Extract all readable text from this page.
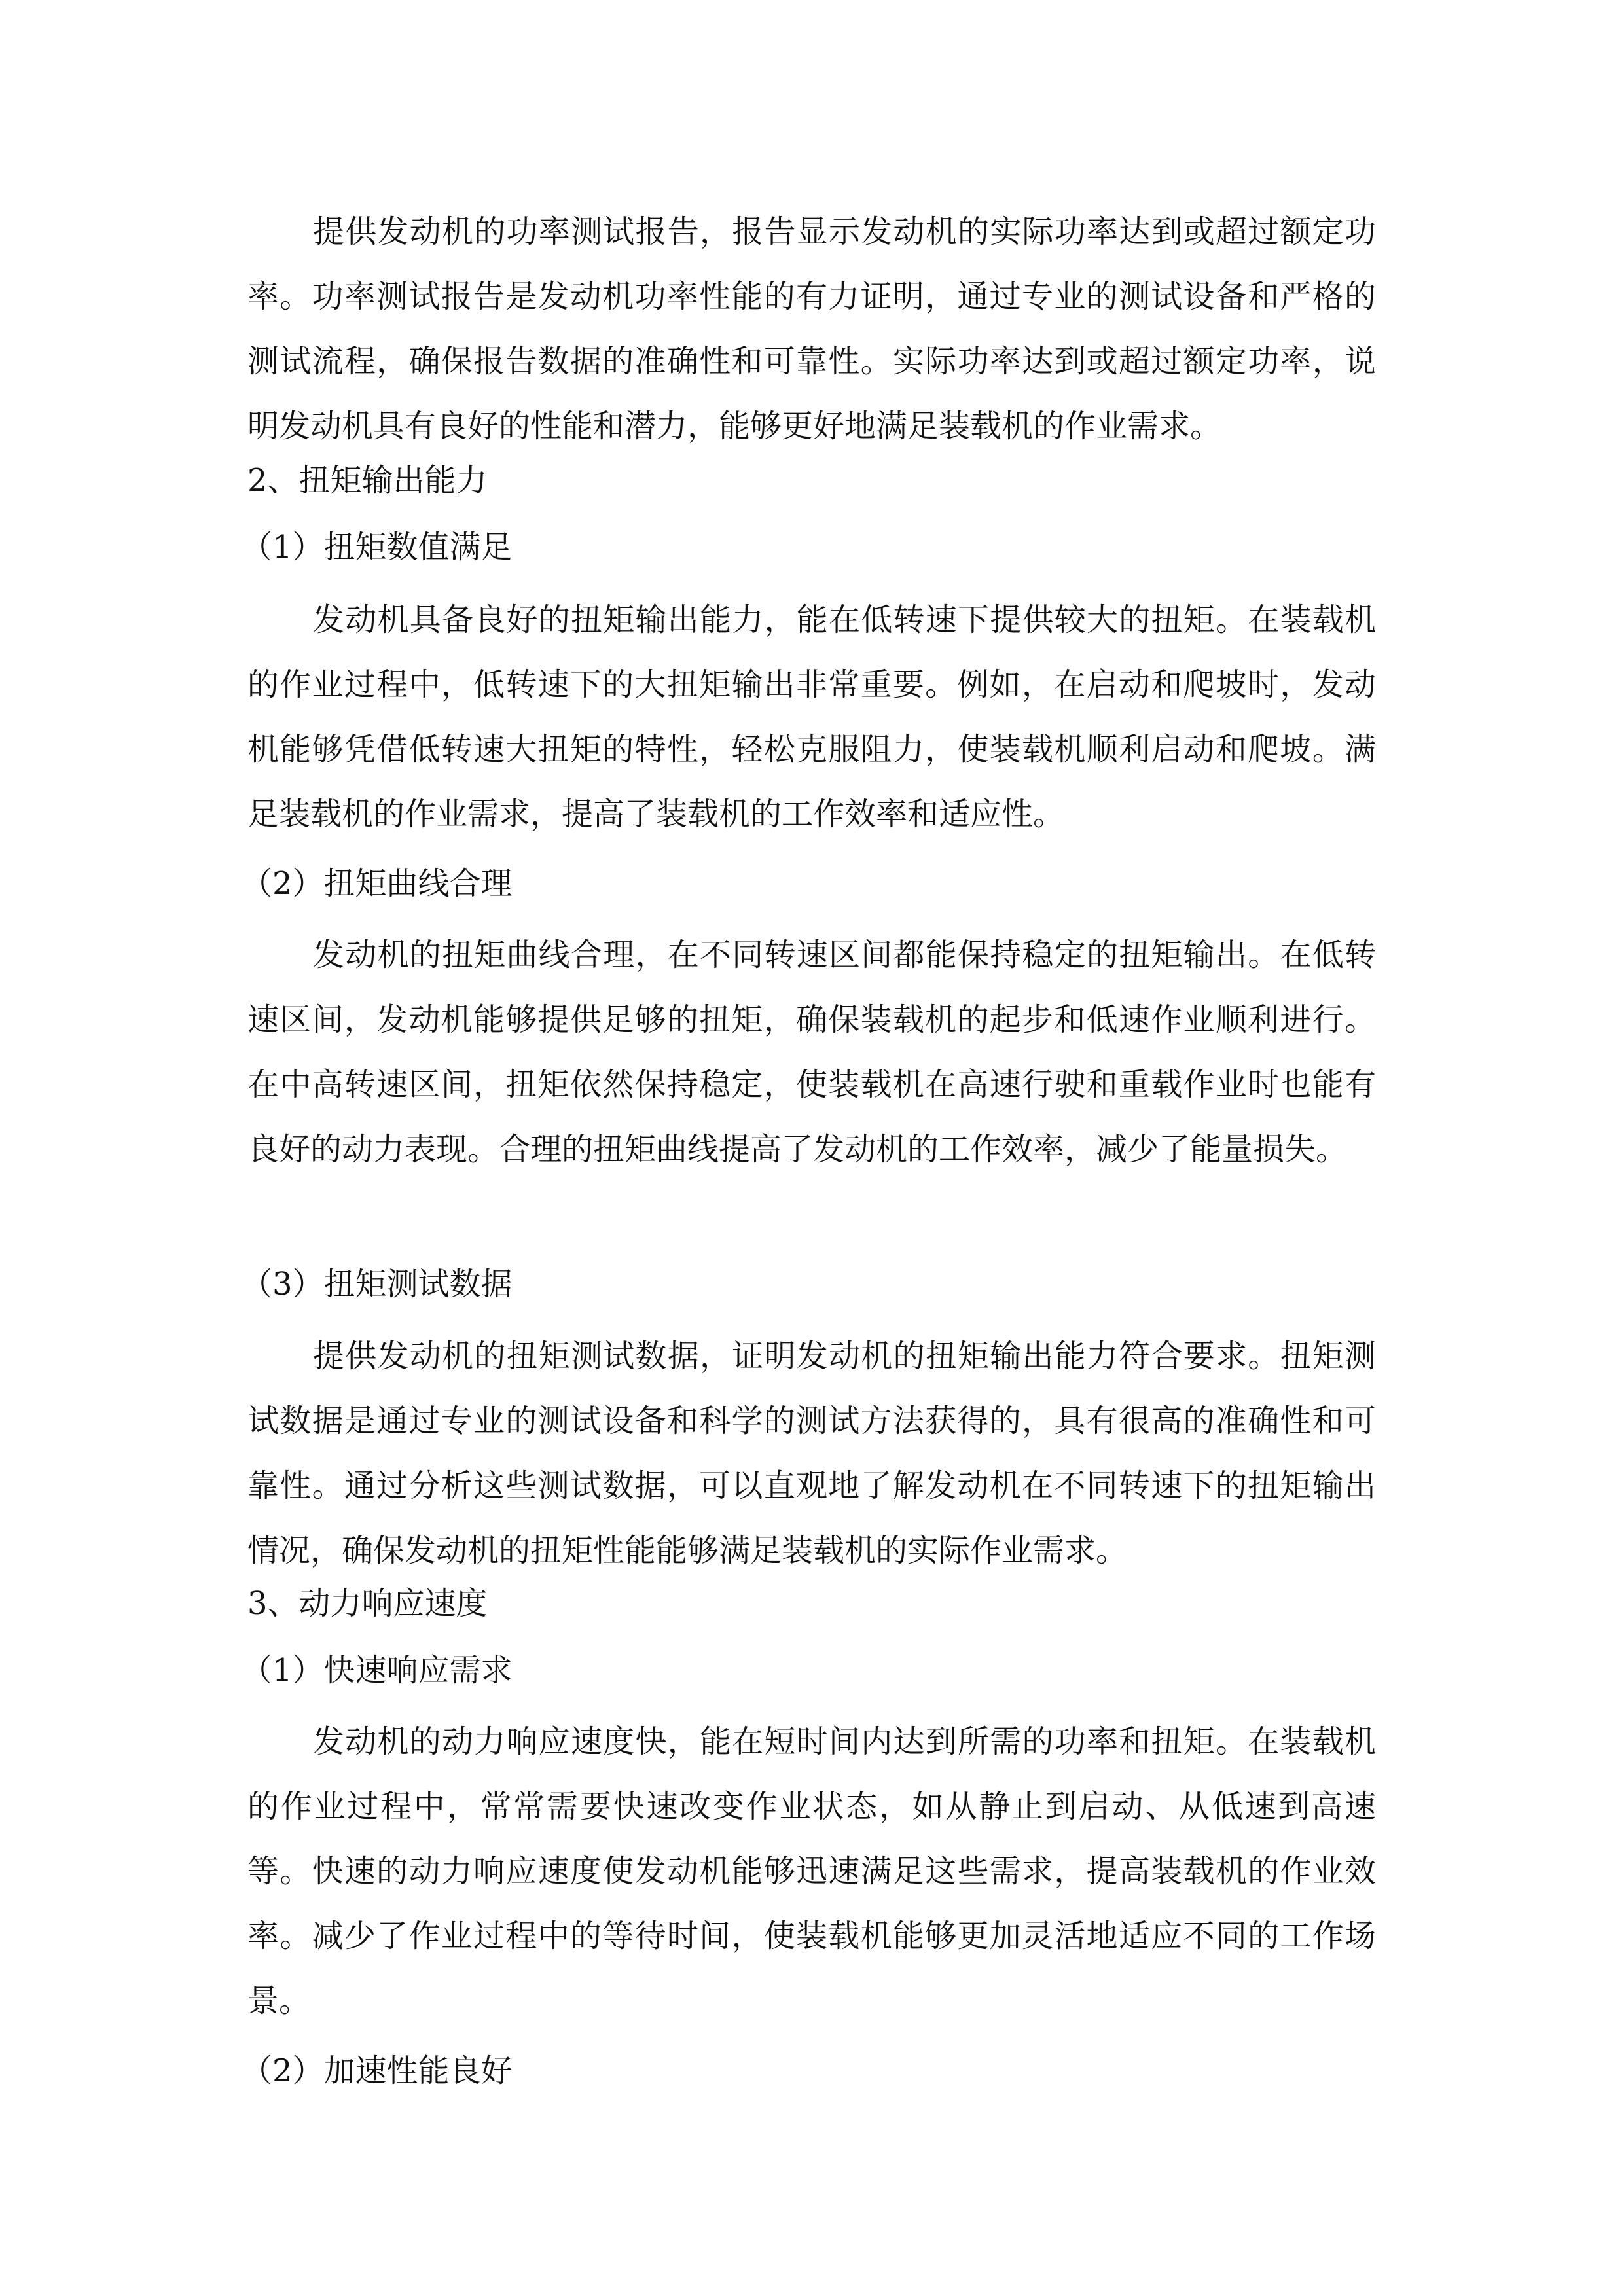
提供发动机的功率测试报告，报告显示发动机的实际功率达到或超过额定功率。功率测试报告是发动机功率性能的有力证明，通过专业的测试设备和严格的测试流程，确保报告数据的准确性和可靠性。实际功率达到或超过额定功率，说明发动机具有良好的性能和潜力，能够更好地满足装载机的作业需求。

2、扭矩输出能力
（1）扭矩数值满足

发动机具备良好的扭矩输出能力，能在低转速下提供较大的扭矩。在装载机的作业过程中，低转速下的大扭矩输出非常重要。例如，在启动和爬坡时，发动机能够凭借低转速大扭矩的特性，轻松克服阻力，使装载机顺利启动和爬坡。满足装载机的作业需求，提高了装载机的工作效率和适应性。

（2）扭矩曲线合理

发动机的扭矩曲线合理，在不同转速区间都能保持稳定的扭矩输出。在低转速区间，发动机能够提供足够的扭矩，确保装载机的起步和低速作业顺利进行。在中高转速区间，扭矩依然保持稳定，使装载机在高速行驶和重载作业时也能有良好的动力表现。合理的扭矩曲线提高了发动机的工作效率，减少了能量损失。

（3）扭矩测试数据

提供发动机的扭矩测试数据，证明发动机的扭矩输出能力符合要求。扭矩测试数据是通过专业的测试设备和科学的测试方法获得的，具有很高的准确性和可靠性。通过分析这些测试数据，可以直观地了解发动机在不同转速下的扭矩输出情况，确保发动机的扭矩性能能够满足装载机的实际作业需求。

3、动力响应速度
（1）快速响应需求

发动机的动力响应速度快，能在短时间内达到所需的功率和扭矩。在装载机的作业过程中，常常需要快速改变作业状态，如从静止到启动、从低速到高速等。快速的动力响应速度使发动机能够迅速满足这些需求，提高装载机的作业效率。减少了作业过程中的等待时间，使装载机能够更加灵活地适应不同的工作场景。

（2）加速性能良好
